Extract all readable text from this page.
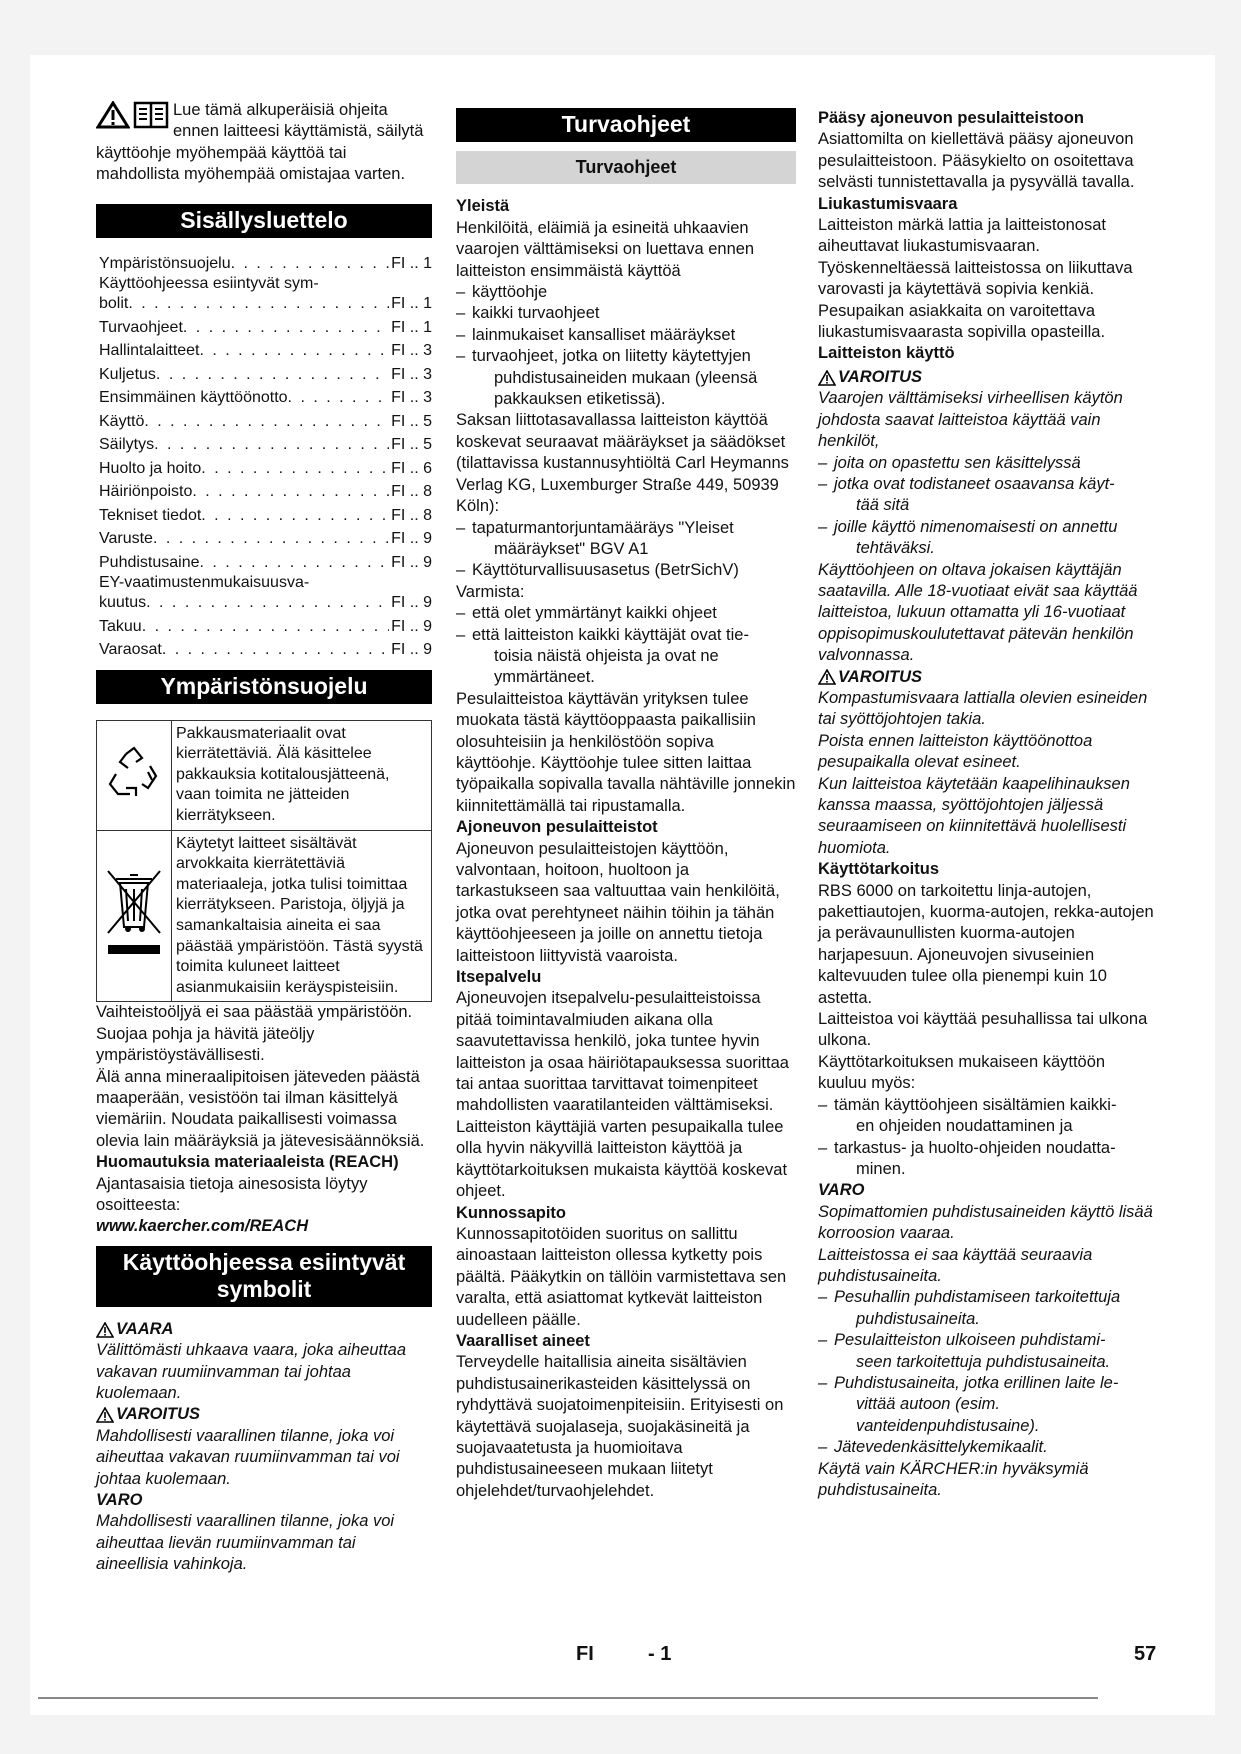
Lue tämä alkuperäisiä ohjeita ennen laitteesi käyttämistä, säilytä käyttöohje myöhempää käyttöä tai mahdollista myöhempää omistajaa varten.

Sisällysluettelo
Ympäristönsuojelu . . .	FI .. 1
Käyttöohjeessa esiintyvät sym-
bolit . . .	FI .. 1
Turvaohjeet . . .	FI .. 1
Hallintalaitteet . . .	FI .. 3
Kuljetus . . .	FI .. 3
Ensimmäinen käyttöönotto . . .	FI .. 3
Käyttö . . .	FI .. 5
Säilytys . . .	FI .. 5
Huolto ja hoito . . .	FI .. 6
Häiriönpoisto . . .	FI .. 8
Tekniset tiedot . . .	FI .. 8
Varuste . . .	FI .. 9
Puhdistusaine . . .	FI .. 9
EY-vaatimustenmukaisuusva-
kuutus . . .	FI .. 9
Takuu . . .	FI .. 9
Varaosat . . .	FI .. 9
Ympäristönsuojelu
	Pakkausmateriaalit ovat kierrätettäviä. Älä käsittelee pakkauksia kotitalousjätteenä, vaan toimita ne jätteiden kierrätykseen.
	Käytetyt laitteet sisältävät arvokkaita kierrätettäviä materiaaleja, jotka tulisi toimittaa kierrätykseen. Paristoja, öljyjä ja samankaltaisia aineita ei saa päästää ympäristöön. Tästä syystä toimita kuluneet laitteet asianmukaisiin keräyspisteisiin.

Vaihteistoöljyä ei saa päästää ympäristöön. Suojaa pohja ja hävitä jäteöljy ympäristöystävällisesti.

Älä anna mineraalipitoisen jäteveden päästä maaperään, vesistöön tai ilman käsittelyä viemäriin. Noudata paikallisesti voimassa olevia lain määräyksiä ja jätevesisäännöksiä.

Huomautuksia materiaaleista (REACH)

Ajantasaisia tietoja ainesosista löytyy osoitteesta:

www.kaercher.com/REACH

Käyttöohjeessa esiintyvät symbolit

VAARA

Välittömästi uhkaava vaara, joka aiheuttaa vakavan ruumiinvamman tai johtaa kuolemaan.

VAROITUS

Mahdollisesti vaarallinen tilanne, joka voi aiheuttaa vakavan ruumiinvamman tai voi johtaa kuolemaan.

VARO

Mahdollisesti vaarallinen tilanne, joka voi aiheuttaa lievän ruumiinvamman tai aineellisia vahinkoja.

Turvaohjeet
Turvaohjeet

Yleistä

Henkilöitä, eläimiä ja esineitä uhkaavien vaarojen välttämiseksi on luettava ennen laitteiston ensimmäistä käyttöä

– käyttöohje

– kaikki turvaohjeet

– lainmukaiset kansalliset määräykset

– turvaohjeet, jotka on liitetty käytettyjen
puhdistusaineiden mukaan (yleensä pakkauksen etiketissä).

Saksan liittotasavallassa laitteiston käyttöä koskevat seuraavat määräykset ja säädökset (tilattavissa kustannusyhtiöltä Carl Heymanns Verlag KG, Luxemburger Straße 449, 50939 Köln):

– tapaturmantorjuntamääräys "Yleiset
määräykset" BGV A1

– Käyttöturvallisuusasetus (BetrSichV)

Varmista:

– että olet ymmärtänyt kaikki ohjeet

– että laitteiston kaikki käyttäjät ovat tie-
toisia näistä ohjeista ja ovat ne ymmärtäneet.

Pesulaitteistoa käyttävän yrityksen tulee muokata tästä käyttöoppaasta paikallisiin olosuhteisiin ja henkilöstöön sopiva käyttöohje. Käyttöohje tulee sitten laittaa työpaikalla sopivalla tavalla nähtäville jonnekin kiinnitettämällä tai ripustamalla.

Ajoneuvon pesulaitteistot

Ajoneuvon pesulaitteistojen käyttöön, valvontaan, hoitoon, huoltoon ja tarkastukseen saa valtuuttaa vain henkilöitä, jotka ovat perehtyneet näihin töihin ja tähän käyttöohjeeseen ja joille on annettu tietoja laitteistoon liittyvistä vaaroista.

Itsepalvelu

Ajoneuvojen itsepalvelu-pesulaitteistoissa pitää toimintavalmiuden aikana olla saavutettavissa henkilö, joka tuntee hyvin laitteiston ja osaa häiriötapauksessa suorittaa tai antaa suorittaa tarvittavat toimenpiteet mahdollisten vaaratilanteiden välttämiseksi.

Laitteiston käyttäjiä varten pesupaikalla tulee olla hyvin näkyvillä laitteiston käyttöä ja käyttötarkoituksen mukaista käyttöä koskevat ohjeet.

Kunnossapito

Kunnossapitotöiden suoritus on sallittu ainoastaan laitteiston ollessa kytketty pois päältä. Pääkytkin on tällöin varmistettava sen varalta, että asiattomat kytkevät laitteiston uudelleen päälle.

Vaaralliset aineet

Terveydelle haitallisia aineita sisältävien puhdistusainerikasteiden käsittelyssä on ryhdyttävä suojatoimenpiteisiin. Erityisesti on käytettävä suojalaseja, suojakäsineitä ja suojavaatetusta ja huomioitava puhdistusaineeseen mukaan liitetyt ohjelehdet/turvaohjelehdet.

Pääsy ajoneuvon pesulaitteistoon

Asiattomilta on kiellettävä pääsy ajoneuvon pesulaitteistoon. Pääsykielto on osoitettava selvästi tunnistettavalla ja pysyvällä tavalla.

Liukastumisvaara

Laitteiston märkä lattia ja laitteistonosat aiheuttavat liukastumisvaaran. Työskenneltäessä laitteistossa on liikuttava varovasti ja käytettävä sopivia kenkiä. Pesupaikan asiakkaita on varoitettava liukastumisvaarasta sopivilla opasteilla.

Laitteiston käyttö

VAROITUS

Vaarojen välttämiseksi virheellisen käytön johdosta saavat laitteistoa käyttää vain henkilöt,

– joita on opastettu sen käsittelyssä

– jotka ovat todistaneet osaavansa käyt-
tää sitä

– joille käyttö nimenomaisesti on annettu
tehtäväksi.

Käyttöohjeen on oltava jokaisen käyttäjän saatavilla. Alle 18-vuotiaat eivät saa käyttää laitteistoa, lukuun ottamatta yli 16-vuotiaat oppisopimuskoulutettavat pätevän henkilön valvonnassa.

VAROITUS

Kompastumisvaara lattialla olevien esineiden tai syöttöjohtojen takia.

Poista ennen laitteiston käyttöönottoa pesupaikalla olevat esineet.

Kun laitteistoa käytetään kaapelihinauksen kanssa maassa, syöttöjohtojen jäljessä seuraamiseen on kiinnitettävä huolellisesti huomiota.

Käyttötarkoitus

RBS 6000 on tarkoitettu linja-autojen, pakettiautojen, kuorma-autojen, rekka-autojen ja perävaunullisten kuorma-autojen harjapesuun. Ajoneuvojen sivuseinien kaltevuuden tulee olla pienempi kuin 10 astetta.

Laitteistoa voi käyttää pesuhallissa tai ulkona ulkona.

Käyttötarkoituksen mukaiseen käyttöön kuuluu myös:

– tämän käyttöohjeen sisältämien kaikki-
en ohjeiden noudattaminen ja

– tarkastus- ja huolto-ohjeiden noudatta-
minen.

VARO

Sopimattomien puhdistusaineiden käyttö lisää korroosion vaaraa.

Laitteistossa ei saa käyttää seuraavia puhdistusaineita.

– Pesuhallin puhdistamiseen tarkoitettuja
puhdistusaineita.

– Pesulaitteiston ulkoiseen puhdistami-
seen tarkoitettuja puhdistusaineita.

– Puhdistusaineita, jotka erillinen laite le-
vittää autoon (esim. vanteidenpuhdistusaine).

– Jätevedenkäsittelykemikaalit.

Käytä vain KÄRCHER:in hyväksymiä puhdistusaineita.

FI	- 1	57
